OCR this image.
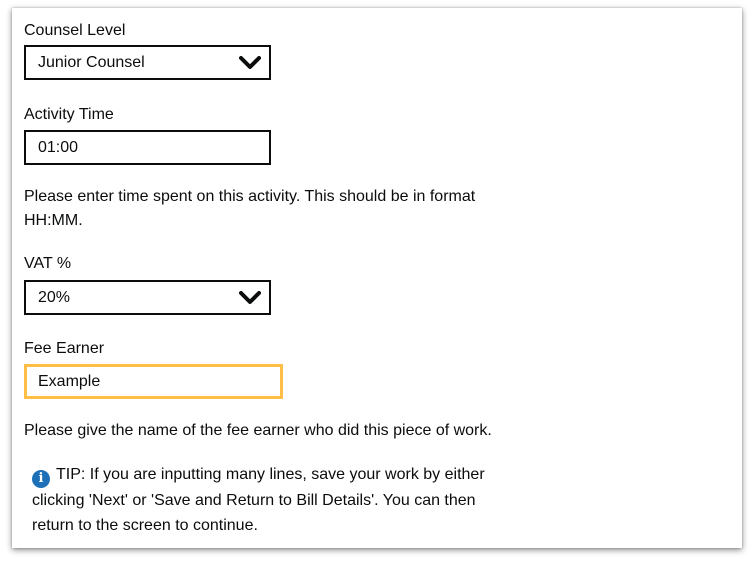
Counsel Level
Junior Counsel
Activity Time
01:00
Please enter time spent on this activity. This should be in format HH:MM.
VAT %
20%
Fee Earner
Example
Please give the name of the fee earner who did this piece of work.
i TIP: If you are inputting many lines, save your work by either clicking 'Next' or 'Save and Return to Bill Details'. You can then return to the screen to continue.
